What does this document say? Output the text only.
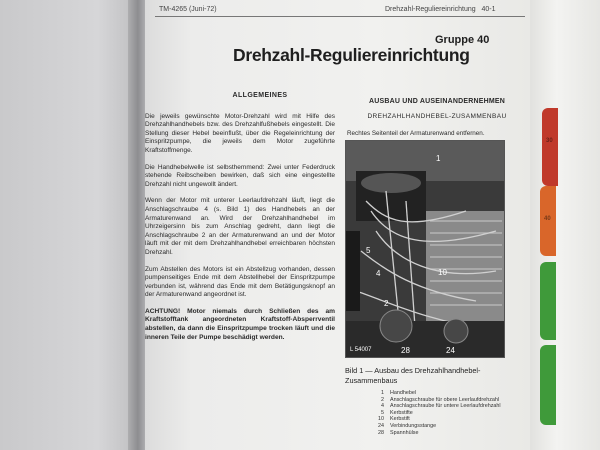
TM-4265 (Juni-72)	Drehzahl-Reguliereinrichtung 40-1
Gruppe 40
Drehzahl-Reguliereinrichtung
ALLGEMEINES

Die jeweils gewünschte Motor-Drehzahl wird mit Hilfe des Drehzahlhandhebels bzw. des Drehzahlfußhebels eingestellt. Die Stellung dieser Hebel beeinflußt, über die Regeleinrichtung der Einspritzpumpe, die jeweils dem Motor zugeführte Kraftstoffmenge.

Die Handhebelwelle ist selbsthemmend: Zwei unter Federdruck stehende Reibscheiben bewirken, daß sich eine eingestellte Drehzahl nicht ungewollt ändert.

Wenn der Motor mit unterer Leerlaufdrehzahl läuft, liegt die Anschlagschraube 4 (s. Bild 1) des Handhebels an der Armaturenwand an. Wird der Drehzahlhandhebel im Uhrzeigersinn bis zum Anschlag gedreht, dann liegt die Anschlagschraube 2 an der Armaturenwand an und der Motor läuft mit der mit dem Drehzahlhandhebel erreichbaren höchsten Drehzahl.

Zum Abstellen des Motors ist ein Abstellzug vorhanden, dessen pumpenseitiges Ende mit dem Abstellhebel der Einspritzpumpe verbunden ist, während das Ende mit dem Betätigungsknopf an der Armaturenwand angeordnet ist.

ACHTUNG! Motor niemals durch Schließen des am Kraftstofftank angeordneten Kraftstoff-Absperrventil abstellen, da dann die Einspritzpumpe trocken läuft und die inneren Teile der Pumpe beschädigt werden.

AUSBAU UND AUSEINANDERNEHMEN
DREHZAHLHANDHEBEL-ZUSAMMENBAU
Rechtes Seitenteil der Armaturenwand entfernen.
1
2
4
5
10
28	24
L 54007
Bild 1 — Ausbau des Drehzahlhandhebel-Zusammenbaus
1 Handhebel
2 Anschlagschraube für obere Leerlaufdrehzahl
4 Anschlagschraube für untere Leerlaufdrehzahl
5 Kerbstifte
10 Kerbstift
24 Verbindungsstange
28 Spannhülse
30
40
